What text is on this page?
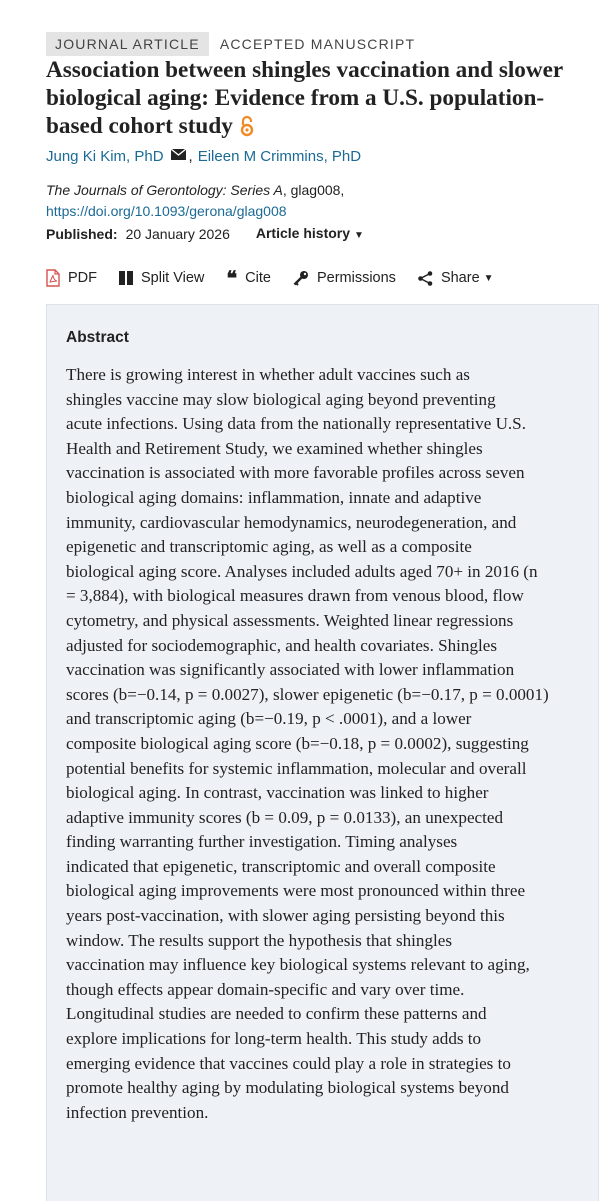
JOURNAL ARTICLE	ACCEPTED MANUSCRIPT
Association between shingles vaccination and slower
biological aging: Evidence from a U.S. population-
based cohort study
Jung Ki Kim, PhD , Eileen M Crimmins, PhD
The Journals of Gerontology: Series A, glag008,
https://doi.org/10.1093/gerona/glag008
Published: 20 January 2026 Article history ▼
PDF	Split View ❝ Cite	Permissions	Share ▼
Abstract
There is growing interest in whether adult vaccines such as
shingles vaccine may slow biological aging beyond preventing
acute infections. Using data from the nationally representative U.S.
Health and Retirement Study, we examined whether shingles
vaccination is associated with more favorable profiles across seven
biological aging domains: inflammation, innate and adaptive
immunity, cardiovascular hemodynamics, neurodegeneration, and
epigenetic and transcriptomic aging, as well as a composite
biological aging score. Analyses included adults aged 70+ in 2016 (n
= 3,884), with biological measures drawn from venous blood, flow
cytometry, and physical assessments. Weighted linear regressions
adjusted for sociodemographic, and health covariates. Shingles
vaccination was significantly associated with lower inflammation
scores (b=−0.14, p = 0.0027), slower epigenetic (b=−0.17, p = 0.0001)
and transcriptomic aging (b=−0.19, p < .0001), and a lower
composite biological aging score (b=−0.18, p = 0.0002), suggesting
potential benefits for systemic inflammation, molecular and overall
biological aging. In contrast, vaccination was linked to higher
adaptive immunity scores (b = 0.09, p = 0.0133), an unexpected
finding warranting further investigation. Timing analyses
indicated that epigenetic, transcriptomic and overall composite
biological aging improvements were most pronounced within three
years post-vaccination, with slower aging persisting beyond this
window. The results support the hypothesis that shingles
vaccination may influence key biological systems relevant to aging,
though effects appear domain-specific and vary over time.
Longitudinal studies are needed to confirm these patterns and
explore implications for long-term health. This study adds to
emerging evidence that vaccines could play a role in strategies to
promote healthy aging by modulating biological systems beyond
infection prevention.
